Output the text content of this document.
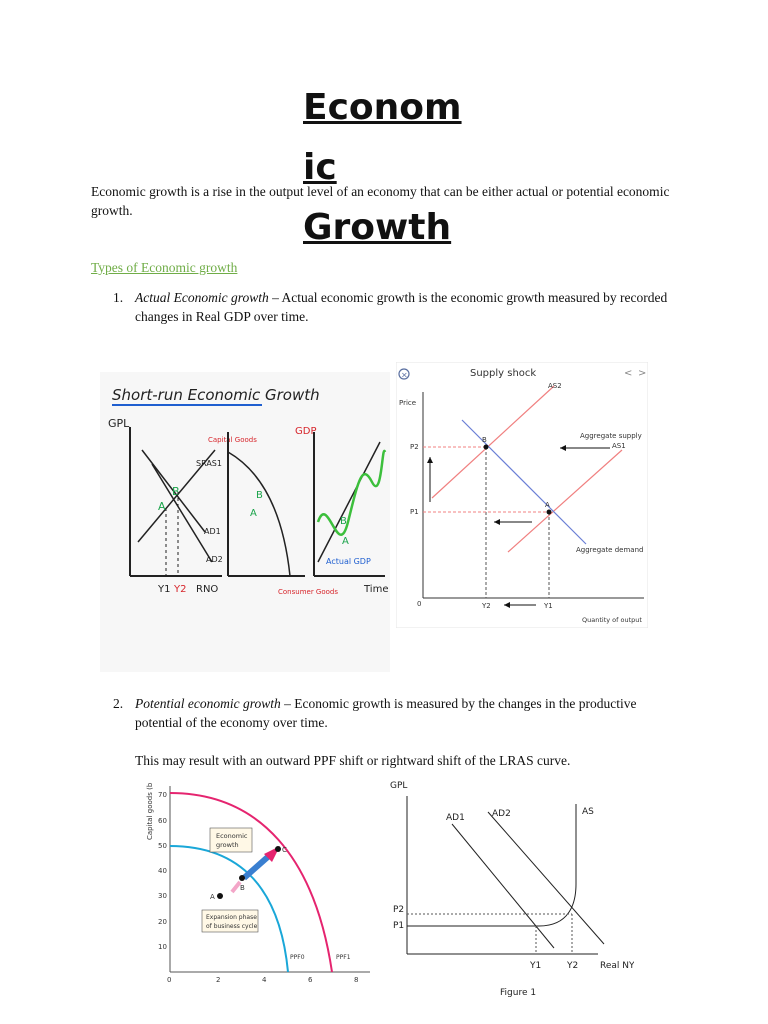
Econom
ic
Growth
Economic growth is a rise in the output level of an economy that can be either actual or potential economic growth.
Types of Economic growth
1. Actual Economic growth – Actual economic growth is the economic growth measured by recorded changes in Real GDP over time.
Short-run Economic Growth
GPL
SRAS1
AD1
AD2
A
B
Y1 Y2 RNO
Capital Goods
B
A
Consumer Goods
GDP
B
A
Actual GDP
Time
×	Supply shock	< >
Price
0
AS2
AS1
Aggregate supply
Aggregate demand
B
A
P2
P1
Y2	Y1
Quantity of output
2. Potential economic growth – Economic growth is measured by the changes in the productive potential of the economy over time.
This may result with an outward PPF shift or rightward shift of the LRAS curve.
Capital goods (b 70
60
50
40
30
20
10
0	2	4	6	8
PPF0	PPF1
A
B
C
Economic
growth
Expansion phase
of business cycle
GPL
AD1	AD2	AS
P2
P1
Y1	Y2 Real NY
Figure 1
